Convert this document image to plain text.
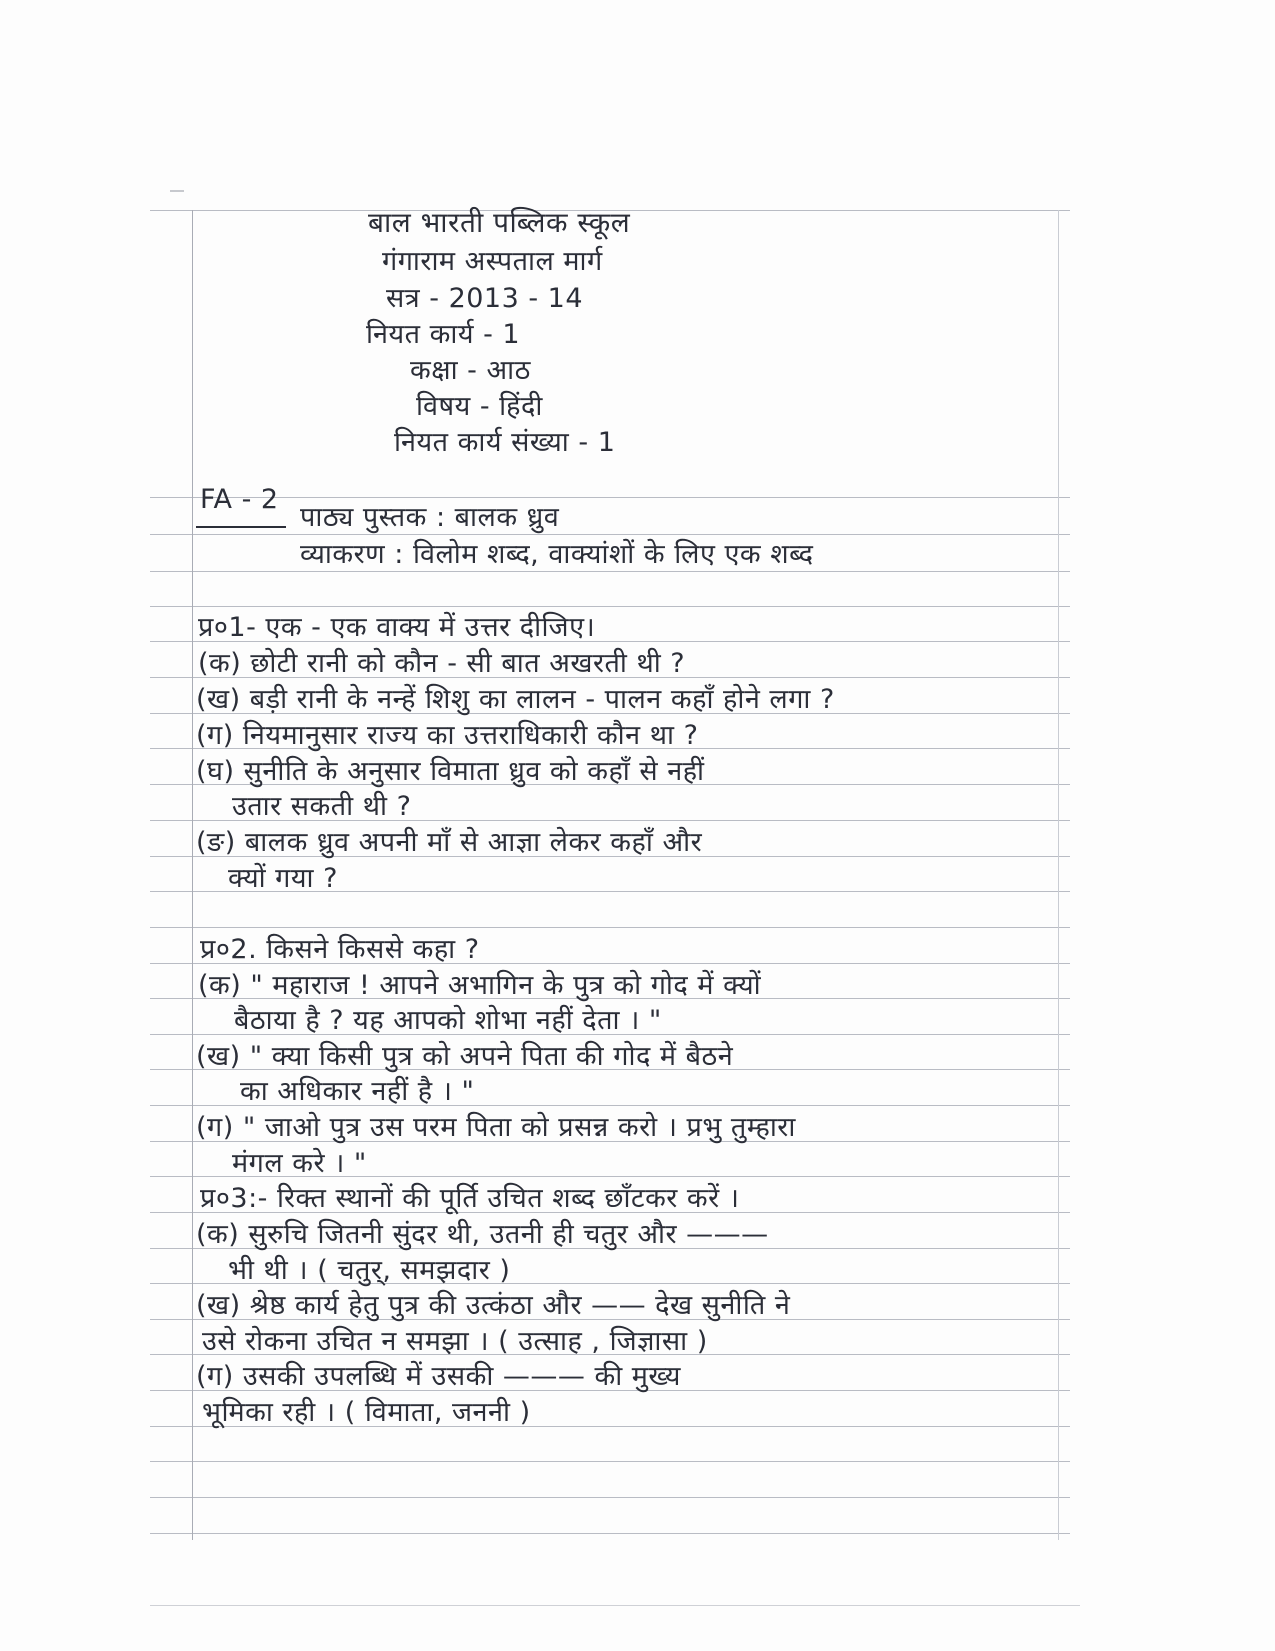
बाल भारती पब्लिक स्कूल
गंगाराम अस्पताल मार्ग
सत्र - 2013 - 14
नियत कार्य - 1
कक्षा - आठ
विषय - हिंदी
नियत कार्य संख्या - 1
FA - 2
पाठ्य पुस्तक : बालक ध्रुव
व्याकरण : विलोम शब्द, वाक्यांशों के लिए एक शब्द
प्र०1- एक - एक वाक्य में उत्तर दीजिए।
(क) छोटी रानी को कौन - सी बात अखरती थी ?
(ख) बड़ी रानी के नन्हें शिशु का लालन - पालन कहाँ होने लगा ?
(ग) नियमानुसार राज्य का उत्तराधिकारी कौन था ?
(घ) सुनीति के अनुसार विमाता ध्रुव को कहाँ से नहीं
उतार सकती थी ?
(ङ) बालक ध्रुव अपनी माँ से आज्ञा लेकर कहाँ और
क्यों गया ?
प्र०2. किसने किससे कहा ?
(क) " महाराज ! आपने अभागिन के पुत्र को गोद में क्यों
बैठाया है ? यह आपको शोभा नहीं देता । "
(ख) " क्या किसी पुत्र को अपने पिता की गोद में बैठने
का अधिकार नहीं है । "
(ग) " जाओ पुत्र उस परम पिता को प्रसन्न करो । प्रभु तुम्हारा
मंगल करे । "
प्र०3:- रिक्त स्थानों की पूर्ति उचित शब्द छाँटकर करें ।
(क) सुरुचि जितनी सुंदर थी, उतनी ही चतुर और ———
भी थी । ( चतुर्, समझदार )
(ख) श्रेष्ठ कार्य हेतु पुत्र की उत्कंठा और —— देख सुनीति ने
उसे रोकना उचित न समझा । ( उत्साह , जिज्ञासा )
(ग) उसकी उपलब्धि में उसकी ——— की मुख्य
भूमिका रही । ( विमाता, जननी )
